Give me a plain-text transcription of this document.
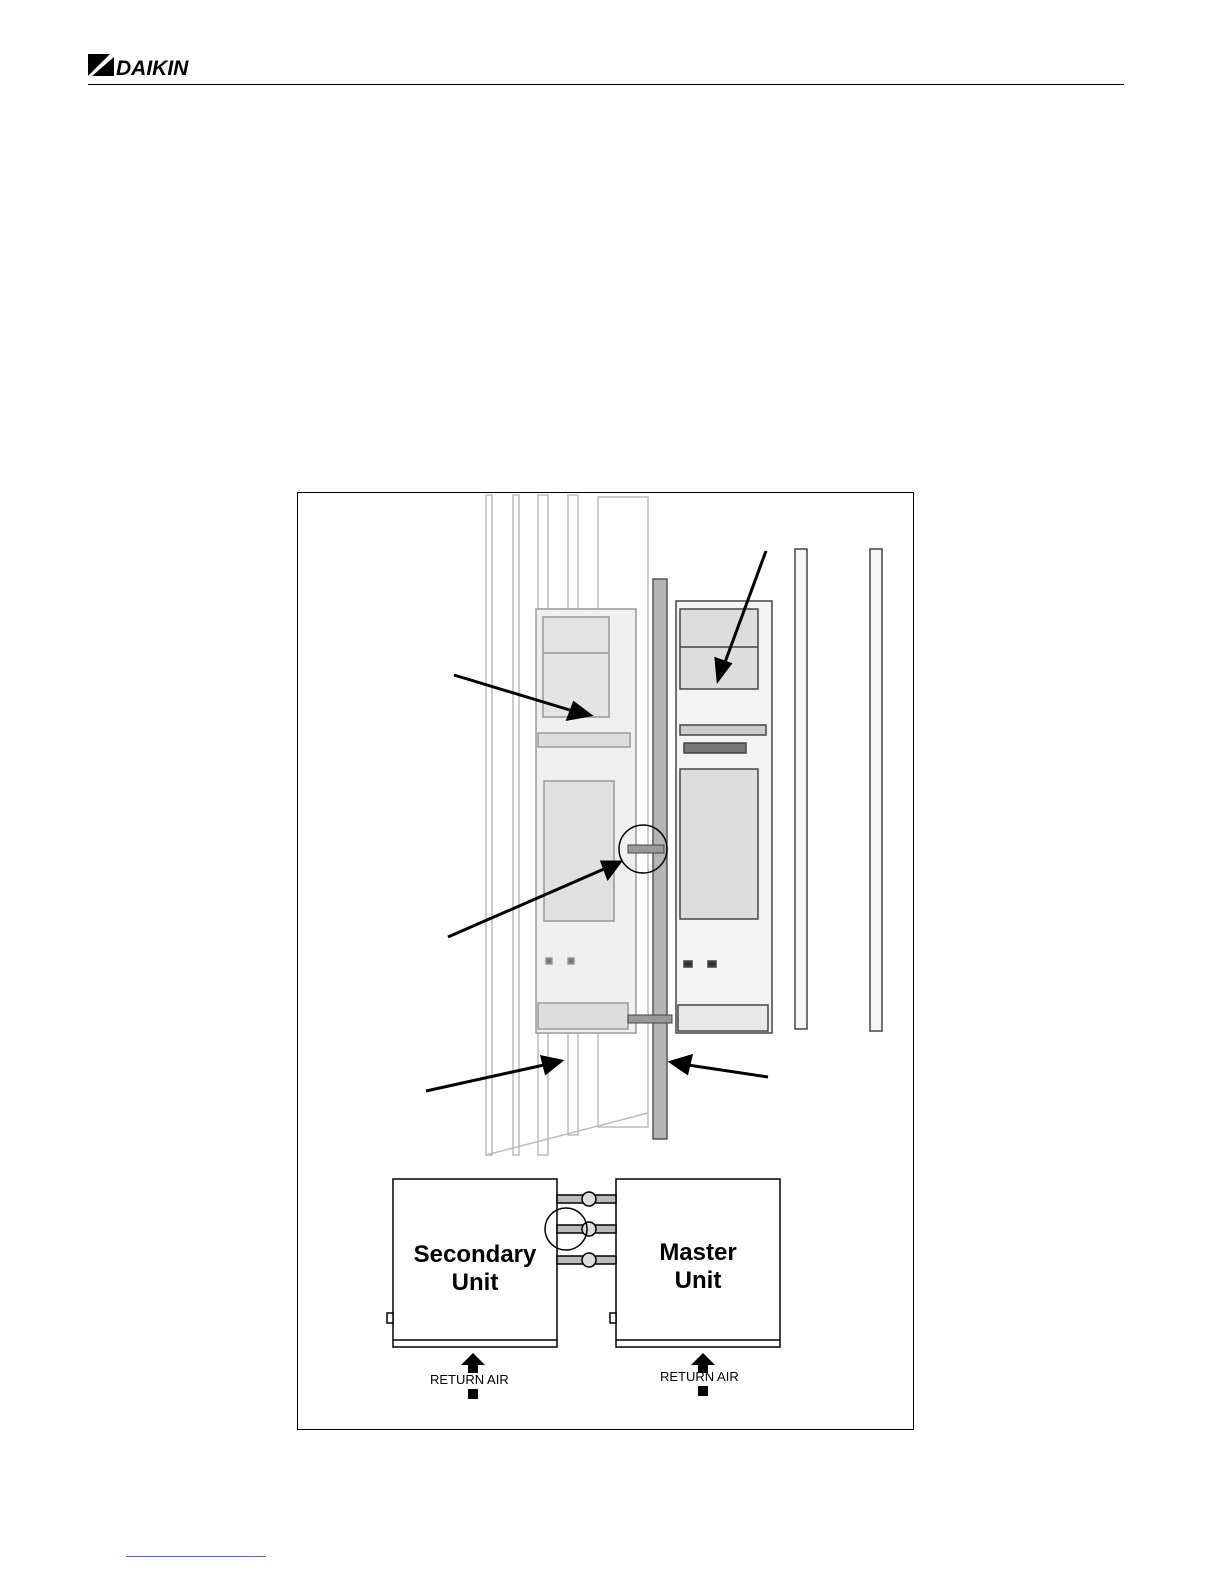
DAIKIN
Secondary
Unit
Master
Unit
RETURN AIR	RETURN AIR
